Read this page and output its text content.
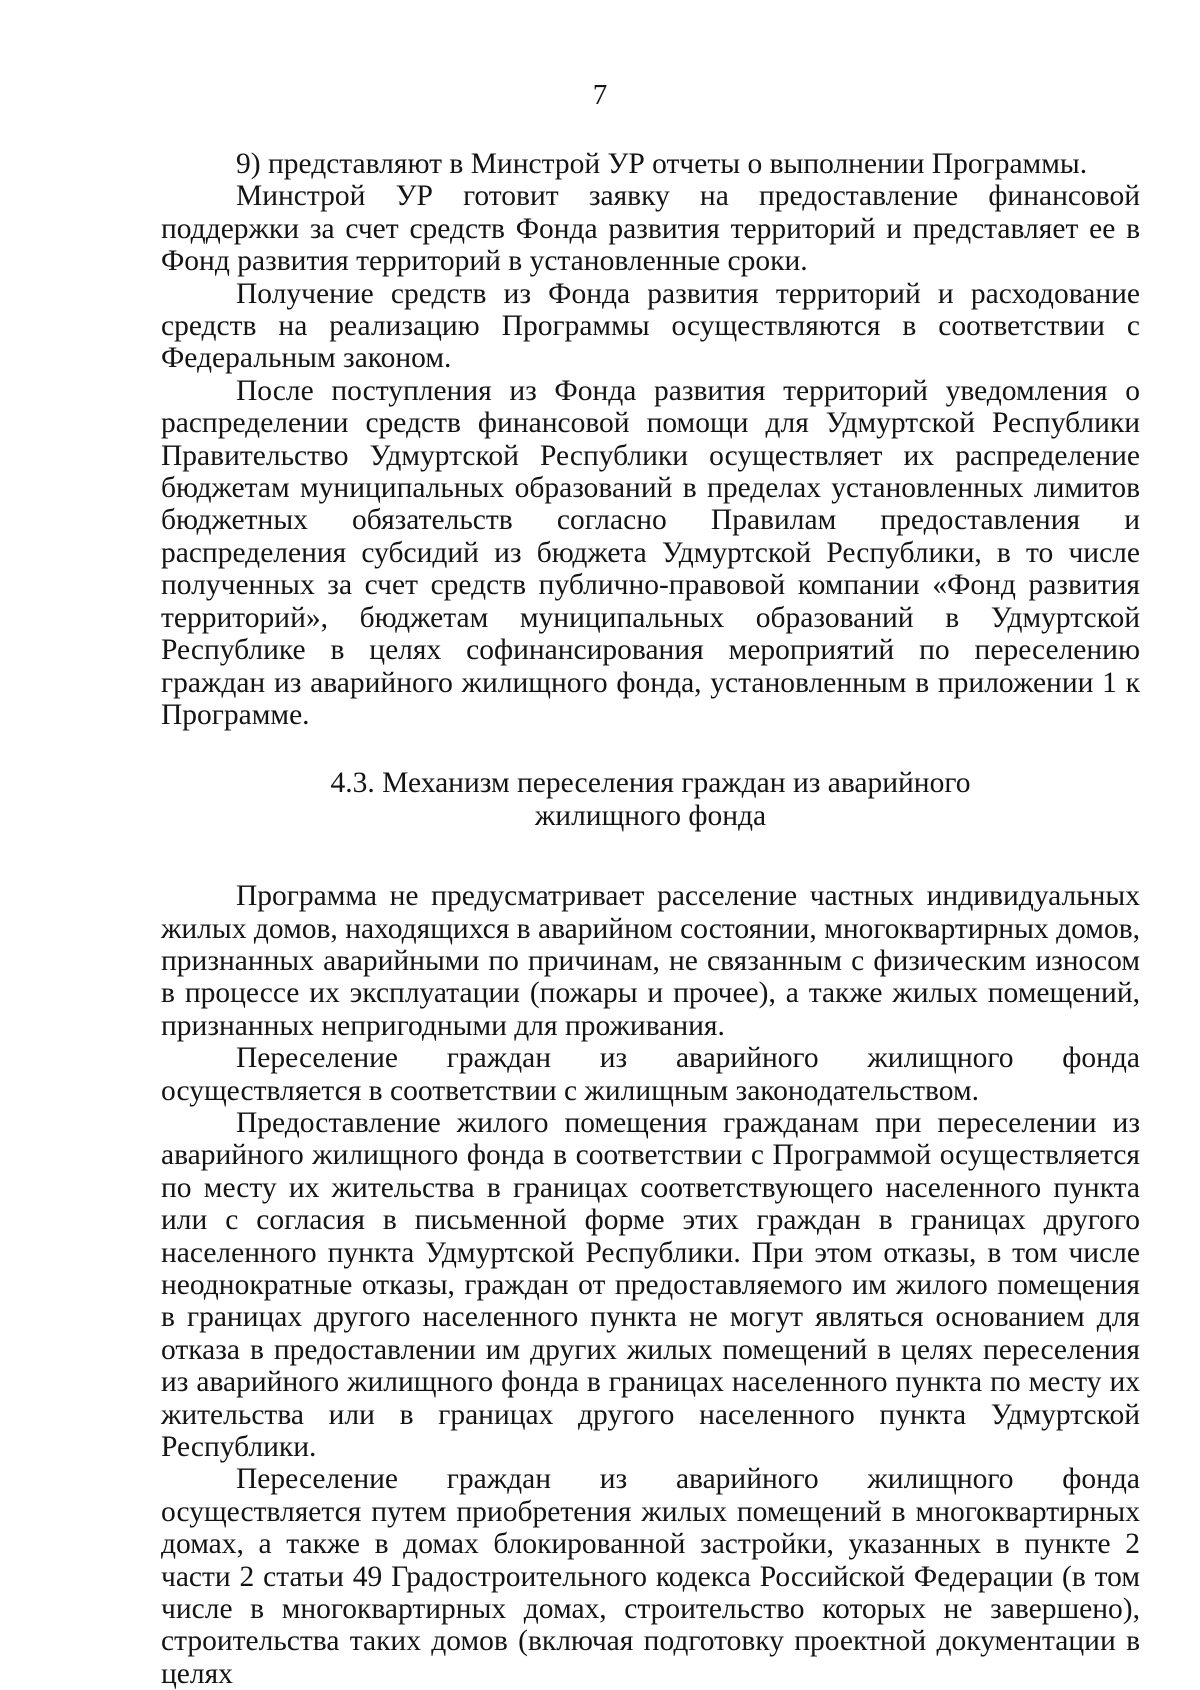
7

9) представляют в Минстрой УР отчеты о выполнении Программы.

Минстрой УР готовит заявку на предоставление финансовой поддержки за счет средств Фонда развития территорий и представляет ее в Фонд развития территорий в установленные сроки.

Получение средств из Фонда развития территорий и расходование средств на реализацию Программы осуществляются в соответствии с Федеральным законом.

После поступления из Фонда развития территорий уведомления о распределении средств финансовой помощи для Удмуртской Республики Правительство Удмуртской Республики осуществляет их распределение бюджетам муниципальных образований в пределах установленных лимитов бюджетных обязательств согласно Правилам предоставления и распределения субсидий из бюджета Удмуртской Республики, в то числе полученных за счет средств публично-правовой компании «Фонд развития территорий», бюджетам муниципальных образований в Удмуртской Республике в целях софинансирования мероприятий по переселению граждан из аварийного жилищного фонда, установленным в приложении 1 к Программе.

4.3. Механизм переселения граждан из аварийного
жилищного фонда

Программа не предусматривает расселение частных индивидуальных жилых домов, находящихся в аварийном состоянии, многоквартирных домов, признанных аварийными по причинам, не связанным с физическим износом в процессе их эксплуатации (пожары и прочее), а также жилых помещений, признанных непригодными для проживания.

Переселение граждан из аварийного жилищного фонда осуществляется в соответствии с жилищным законодательством.

Предоставление жилого помещения гражданам при переселении из аварийного жилищного фонда в соответствии с Программой осуществляется по месту их жительства в границах соответствующего населенного пункта или с согласия в письменной форме этих граждан в границах другого населенного пункта Удмуртской Республики. При этом отказы, в том числе неоднократные отказы, граждан от предоставляемого им жилого помещения в границах другого населенного пункта не могут являться основанием для отказа в предоставлении им других жилых помещений в целях переселения из аварийного жилищного фонда в границах населенного пункта по месту их жительства или в границах другого населенного пункта Удмуртской Республики.

Переселение граждан из аварийного жилищного фонда осуществляется путем приобретения жилых помещений в многоквартирных домах, а также в домах блокированной застройки, указанных в пункте 2 части 2 статьи 49 Градостроительного кодекса Российской Федерации (в том числе в многоквартирных домах, строительство которых не завершено), строительства таких домов (включая подготовку проектной документации в целях
